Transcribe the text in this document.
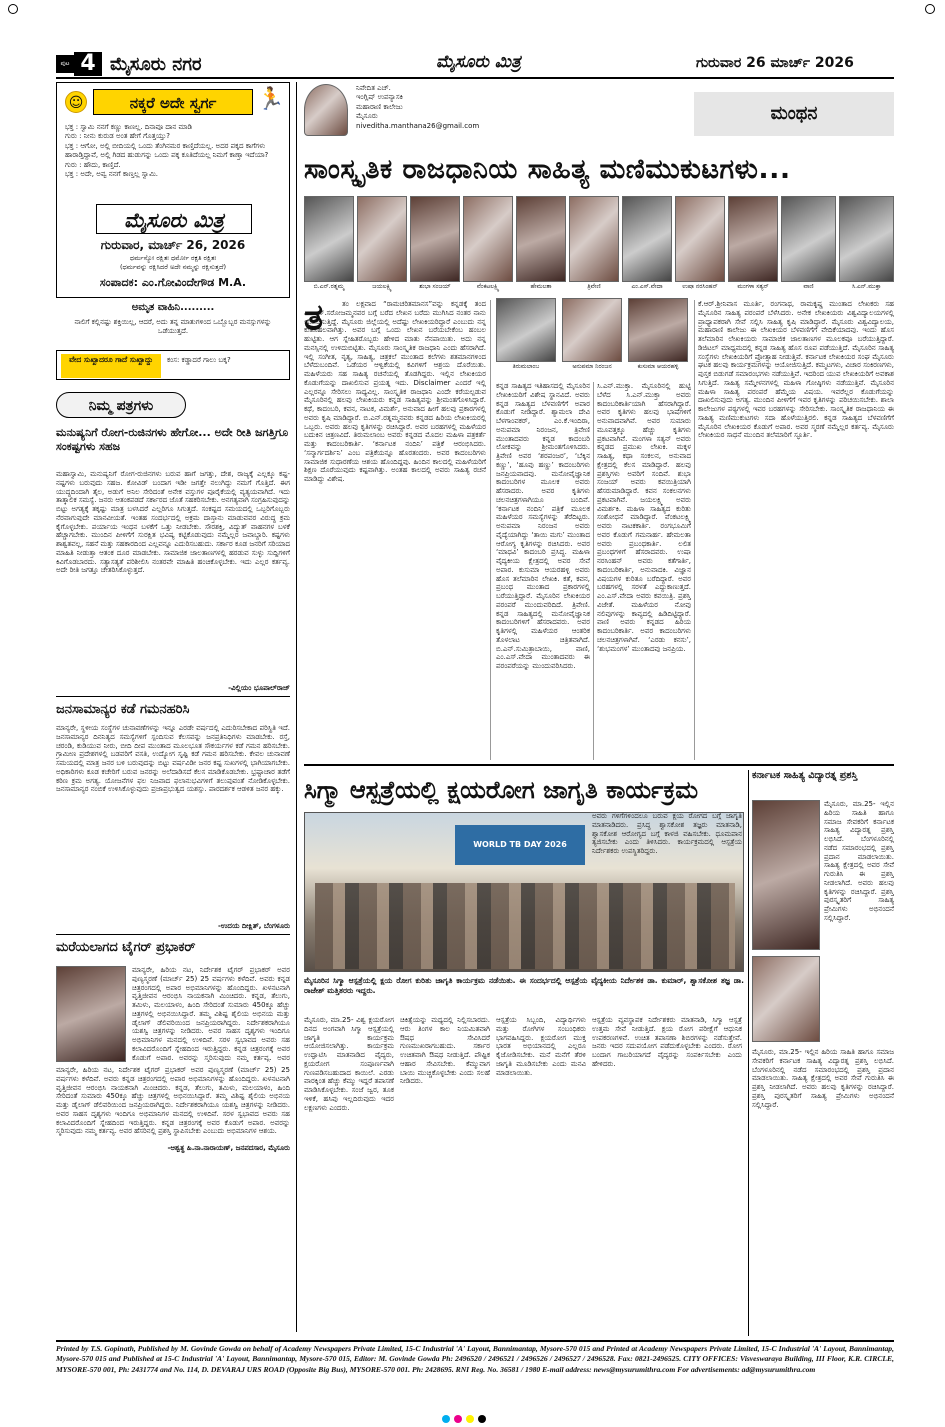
ಪುಟ 4 ಮೈಸೂರು ನಗರ	ಮೈಸೂರು ಮಿತ್ರ	ಗುರುವಾರ 26 ಮಾರ್ಚ್ 2026
☺	ನಕ್ಕರೆ ಅದೇ ಸ್ವರ್ಗ	🏃
ಭಕ್ತ : ಸ್ವಾಮಿ ನನಗೆ ಕಣ್ಣು ಕಾಣಲ್ಲ. ದಿನಾವೂ ದಾನ ಮಾಡಿ
ಗುರು : ನೀನು ಕುರುಡ ಅಂತ ಹೇಗೆ ಗೊತ್ತಯ್ತು?
ಭಕ್ತ : ಆಗೋ, ಅಲ್ಲಿ ಬೀದಿಯಲ್ಲಿ ಒಂದು ತೆಂಗಿನಮರ ಕಾಣ್ತಿದೆಯಲ್ಲ. ಅದರ ಪಕ್ಕದ ಕಾಗೆಗಳು ಹಾರಾಡ್ತಿದ್ದಾವೆ, ಅಲ್ಲಿ ಗಿಡದ ಹುಡುಗನ್ನು ಒಂದು ಪಕ್ಕ ಕೂತಿದೆಯಲ್ಲ ನಿಮಗೆ ಕಾಣ್ತಾ ಇದೆಯಾ?
ಗುರು : ಹೌದು, ಕಾಣ್ತಿದೆ.
ಭಕ್ತ : ಅದೇ, ಅವ್ವ ನನಗೆ ಕಾಣ್ತಲ್ಲ ಸ್ವಾಮಿ.
ಮೈಸೂರು ಮಿತ್ರ
ಗುರುವಾರ, ಮಾರ್ಚ್ 26, 2026
ಧರ್ಮಸ್ಯೋ ರಕ್ಷಿತಃ ಧರ್ಮೋ ರಕ್ಷತಿ ರಕ್ಷಿತಃ
(ಧರ್ಮವನ್ನು ರಕ್ಷಿಸಿದರೆ ಅದೇ ನಮ್ಮನ್ನು ರಕ್ಷಿಸುತ್ತದೆ)
ಸಂಪಾದಕ: ಎಂ.ಗೋವಿಂದೇಗೌಡ M.A.
ಅಮೃತ ವಾಹಿನಿ.........
ನಾಲಿಗೆ ಕಲ್ಲಿನಷ್ಟು ಶಕ್ತಿಯಿಲ್ಲ, ಆದರೆ, ಅದು ತನ್ನ ಮಾತುಗಳಿಂದ ಒಬ್ಬೊಬ್ಬರ ಮನಸ್ಸುಗಳನ್ನು ಒಡೆಯುತ್ತದೆ.
ವೇದ ಸುಖ್ಖಾದರೂ ಗಾದೆ ಸುಖ್ಖಾದ್ದು	ಕಂಸ: ಕಡ್ಡಾದರೆ ಗಾಲು ಬಕ್ಕ?
ನಿಮ್ಮ ಪತ್ರಗಳು
ಮನುಷ್ಯನಿಗೆ ರೋಗ-ರುಜಿನಗಳು ಹೇಗೋ... ಅದೇ ರೀತಿ ಜಗತ್ತಿಗೂ ಸಂಕಷ್ಟಗಳು ಸಹಜ
ಮಹಾಸ್ವಾಮಿ, ಮನುಷ್ಯನಿಗೆ ರೋಗ-ರುಜಿನಗಳು ಬರುವ ಹಾಗೆ ಜಗತ್ತು, ದೇಶ, ರಾಜ್ಯಕ್ಕೆ ಎಲ್ಲಕ್ಕೂ ಕಷ್ಟ-ನಷ್ಟಗಳು ಬರುವುದು ಸಹಜ. ಕೋವಿಡ್ ಬಂದಾಗ ಇಡೀ ಜಗತ್ತೇ ನಲುಗಿದ್ದು ನಮಗೆ ಗೊತ್ತಿದೆ. ಈಗ ಯುದ್ಧದಿಂದಾಗಿ ತೈಲ, ಅಡುಗೆ ಅನಿಲ ಸೇರಿದಂತೆ ಅನೇಕ ವಸ್ತುಗಳ ಪೂರೈಕೆಯಲ್ಲಿ ವ್ಯತ್ಯಯವಾಗಿದೆ. ಇದು ತಾತ್ಕಾಲಿಕ ಸಮಸ್ಯೆ. ಜನರು ಆತಂಕಪಡದೆ ಸರ್ಕಾರದ ಜೊತೆ ಸಹಕರಿಸಬೇಕು. ಅನಗತ್ಯವಾಗಿ ಸಂಗ್ರಹಿಸುವುದನ್ನು ಬಿಟ್ಟು ಅಗತ್ಯಕ್ಕೆ ತಕ್ಕಷ್ಟು ಮಾತ್ರ ಬಳಸಿದರೆ ಎಲ್ಲರಿಗೂ ಸಿಗುತ್ತದೆ. ಸಂಕಷ್ಟದ ಸಮಯದಲ್ಲಿ ಒಬ್ಬರಿಗೊಬ್ಬರು ನೆರವಾಗುವುದೇ ಮಾನವೀಯತೆ. ಇಂತಹ ಸಂದರ್ಭದಲ್ಲಿ ಅಕ್ರಮ ದಾಸ್ತಾನು ಮಾಡುವವರ ವಿರುದ್ಧ ಕ್ರಮ ಕೈಗೊಳ್ಳಬೇಕು. ಪರ್ಯಾಯ ಇಂಧನ ಬಳಕೆಗೆ ಒತ್ತು ನೀಡಬೇಕು. ಸೌರಶಕ್ತಿ, ವಿದ್ಯುತ್ ವಾಹನಗಳ ಬಳಕೆ ಹೆಚ್ಚಾಗಬೇಕು. ಮುಂದಿನ ಪೀಳಿಗೆಗೆ ಸುರಕ್ಷಿತ ಭವಿಷ್ಯ ಕಟ್ಟಿಕೊಡುವುದು ನಮ್ಮೆಲ್ಲರ ಜವಾಬ್ದಾರಿ. ಕಷ್ಟಗಳು ಶಾಶ್ವತವಲ್ಲ, ಸಹನೆ ಮತ್ತು ಸಹಕಾರದಿಂದ ಎಲ್ಲವನ್ನೂ ಎದುರಿಸಬಹುದು. ಸರ್ಕಾರ ಕೂಡ ಜನರಿಗೆ ಸರಿಯಾದ ಮಾಹಿತಿ ನೀಡುತ್ತಾ ಆತಂಕ ದೂರ ಮಾಡಬೇಕು. ಸಾಮಾಜಿಕ ಜಾಲತಾಣಗಳಲ್ಲಿ ಹರಡುವ ಸುಳ್ಳು ಸುದ್ದಿಗಳಿಗೆ ಕಿವಿಗೊಡಬಾರದು. ಸತ್ಯಾಸತ್ಯತೆ ಪರಿಶೀಲಿಸಿ ನಂತರವೇ ಮಾಹಿತಿ ಹಂಚಿಕೊಳ್ಳಬೇಕು. ಇದು ಎಲ್ಲರ ಕರ್ತವ್ಯ. ಅದೇ ರೀತಿ ಜಗತ್ತೂ ಚೇತರಿಸಿಕೊಳ್ಳುತ್ತದೆ.
-ವಿಲ್ಲಿಯಂ ಭೂಪಾಲ್‌ರಾಜ್
ಜನಸಾಮಾನ್ಯರ ಕಡೆ ಗಮನಹರಿಸಿ
ಮಾನ್ಯರೇ, ಸ್ಥಳೀಯ ಸಂಸ್ಥೆಗಳ ಚುನಾವಣೆಗಳನ್ನು ಇನ್ನೂ ಎರಡೇ ವರ್ಷದಲ್ಲಿ ಎದುರಿಸಬೇಕಾದ ಪರಿಸ್ಥಿತಿ ಇದೆ. ಜನಸಾಮಾನ್ಯರ ದಿನನಿತ್ಯದ ಸಮಸ್ಯೆಗಳಿಗೆ ಸ್ಪಂದಿಸುವ ಕೆಲಸವನ್ನು ಜನಪ್ರತಿನಿಧಿಗಳು ಮಾಡಬೇಕು. ರಸ್ತೆ, ಚರಂಡಿ, ಕುಡಿಯುವ ನೀರು, ಬೀದಿ ದೀಪ ಮುಂತಾದ ಮೂಲಭೂತ ಸೌಕರ್ಯಗಳ ಕಡೆ ಗಮನ ಹರಿಸಬೇಕು. ಗ್ರಾಮೀಣ ಪ್ರದೇಶಗಳಲ್ಲಿ ಬಡವರಿಗೆ ವಸತಿ, ಉದ್ಯೋಗ ಸೃಷ್ಟಿ ಕಡೆ ಗಮನ ಹರಿಸಬೇಕು. ಕೇವಲ ಚುನಾವಣೆ ಸಮಯದಲ್ಲಿ ಮಾತ್ರ ಜನರ ಬಳಿ ಬರುವುದನ್ನು ಬಿಟ್ಟು ವರ್ಷವಿಡೀ ಜನರ ಕಷ್ಟ ಸುಖಗಳಲ್ಲಿ ಭಾಗಿಯಾಗಬೇಕು. ಅಧಿಕಾರಿಗಳು ಕೂಡ ಕಚೇರಿಗೆ ಬರುವ ಜನರನ್ನು ಅಲೆದಾಡಿಸದೆ ಕೆಲಸ ಮಾಡಿಕೊಡಬೇಕು. ಭ್ರಷ್ಟಾಚಾರ ತಡೆಗೆ ಕಠಿಣ ಕ್ರಮ ಅಗತ್ಯ. ಯೋಜನೆಗಳ ಫಲ ನಿಜವಾದ ಫಲಾನುಭವಿಗಳಿಗೆ ತಲುಪುವಂತೆ ನೋಡಿಕೊಳ್ಳಬೇಕು. ಜನಸಾಮಾನ್ಯರ ನಂಬಿಕೆ ಉಳಿಸಿಕೊಳ್ಳುವುದು ಪ್ರಜಾಪ್ರಭುತ್ವದ ಯಶಸ್ಸು. ಪಾರದರ್ಶಕ ಆಡಳಿತ ಜನರ ಹಕ್ಕು.
-ಉದಯ ದೀಕ್ಷಿತ್, ಬೆಂಗಳೂರು
ಮರೆಯಲಾಗದ ಟೈಗರ್ ಪ್ರಭಾಕರ್
ಮಾನ್ಯರೇ, ಹಿರಿಯ ನಟ, ನಿರ್ದೇಶಕ ಟೈಗರ್ ಪ್ರಭಾಕರ್ ಅವರ ಪುಣ್ಯಸ್ಮರಣೆ (ಮಾರ್ಚ್ 25) 25 ವರ್ಷಗಳು ಕಳೆದಿವೆ. ಅವರು ಕನ್ನಡ ಚಿತ್ರರಂಗದಲ್ಲಿ ಅಪಾರ ಅಭಿಮಾನಿಗಳನ್ನು ಹೊಂದಿದ್ದರು. ಖಳನಟನಾಗಿ ವೃತ್ತಿಜೀವನ ಆರಂಭಿಸಿ ನಾಯಕನಾಗಿ ಮಿಂಚಿದರು. ಕನ್ನಡ, ತೆಲುಗು, ತಮಿಳು, ಮಲಯಾಳಂ, ಹಿಂದಿ ಸೇರಿದಂತೆ ಸುಮಾರು 450ಕ್ಕೂ ಹೆಚ್ಚು ಚಿತ್ರಗಳಲ್ಲಿ ಅಭಿನಯಿಸಿದ್ದಾರೆ. ತಮ್ಮ ವಿಶಿಷ್ಟ ಶೈಲಿಯ ಅಭಿನಯ ಮತ್ತು ಡೈಲಾಗ್ ಡೆಲಿವರಿಯಿಂದ ಜನಪ್ರಿಯರಾಗಿದ್ದರು. ನಿರ್ದೇಶಕರಾಗಿಯೂ ಯಶಸ್ವಿ ಚಿತ್ರಗಳನ್ನು ನೀಡಿದರು. ಅವರ ಸಾಹಸ ದೃಶ್ಯಗಳು ಇಂದಿಗೂ ಅಭಿಮಾನಿಗಳ ಮನದಲ್ಲಿ ಉಳಿದಿವೆ. ಸರಳ ಸ್ವಭಾವದ ಅವರು ಸಹ ಕಲಾವಿದರೊಂದಿಗೆ ಸ್ನೇಹದಿಂದ ಇರುತ್ತಿದ್ದರು. ಕನ್ನಡ ಚಿತ್ರರಂಗಕ್ಕೆ ಅವರ ಕೊಡುಗೆ ಅಪಾರ. ಅವರನ್ನು ಸ್ಮರಿಸುವುದು ನಮ್ಮ ಕರ್ತವ್ಯ. ಅವರ
ಮಾನ್ಯರೇ, ಹಿರಿಯ ನಟ, ನಿರ್ದೇಶಕ ಟೈಗರ್ ಪ್ರಭಾಕರ್ ಅವರ ಪುಣ್ಯಸ್ಮರಣೆ (ಮಾರ್ಚ್ 25) 25 ವರ್ಷಗಳು ಕಳೆದಿವೆ. ಅವರು ಕನ್ನಡ ಚಿತ್ರರಂಗದಲ್ಲಿ ಅಪಾರ ಅಭಿಮಾನಿಗಳನ್ನು ಹೊಂದಿದ್ದರು. ಖಳನಟನಾಗಿ ವೃತ್ತಿಜೀವನ ಆರಂಭಿಸಿ ನಾಯಕನಾಗಿ ಮಿಂಚಿದರು. ಕನ್ನಡ, ತೆಲುಗು, ತಮಿಳು, ಮಲಯಾಳಂ, ಹಿಂದಿ ಸೇರಿದಂತೆ ಸುಮಾರು 450ಕ್ಕೂ ಹೆಚ್ಚು ಚಿತ್ರಗಳಲ್ಲಿ ಅಭಿನಯಿಸಿದ್ದಾರೆ. ತಮ್ಮ ವಿಶಿಷ್ಟ ಶೈಲಿಯ ಅಭಿನಯ ಮತ್ತು ಡೈಲಾಗ್ ಡೆಲಿವರಿಯಿಂದ ಜನಪ್ರಿಯರಾಗಿದ್ದರು. ನಿರ್ದೇಶಕರಾಗಿಯೂ ಯಶಸ್ವಿ ಚಿತ್ರಗಳನ್ನು ನೀಡಿದರು. ಅವರ ಸಾಹಸ ದೃಶ್ಯಗಳು ಇಂದಿಗೂ ಅಭಿಮಾನಿಗಳ ಮನದಲ್ಲಿ ಉಳಿದಿವೆ. ಸರಳ ಸ್ವಭಾವದ ಅವರು ಸಹ ಕಲಾವಿದರೊಂದಿಗೆ ಸ್ನೇಹದಿಂದ ಇರುತ್ತಿದ್ದರು. ಕನ್ನಡ ಚಿತ್ರರಂಗಕ್ಕೆ ಅವರ ಕೊಡುಗೆ ಅಪಾರ. ಅವರನ್ನು ಸ್ಮರಿಸುವುದು ನಮ್ಮ ಕರ್ತವ್ಯ. ಅವರ ಹೆಸರಿನಲ್ಲಿ ಪ್ರಶಸ್ತಿ ಸ್ಥಾಪಿಸಬೇಕು ಎಂಬುದು ಅಭಿಮಾನಿಗಳ ಆಶಯ.
-ಆಶ್ವತ್ಥ ಹಿ.ನಾ.ನಾರಾಯಣ್, ಜನಪದಸಾರ, ಮೈಸೂರು
ನಿವೇದಿತ ಎಚ್.
ಇಂಗ್ಲಿಷ್ ಉಪನ್ಯಾಸಕಿ
ಮಹಾರಾಣಿ ಕಾಲೇಜು
ಮೈಸೂರು
niveditha.manthana26@gmail.com
ಮಂಥನ
ಸಾಂಸ್ಕೃತಿಕ ರಾಜಧಾನಿಯ ಸಾಹಿತ್ಯ ಮಣಿಮುಕುಟಗಳು...
ಬಿ.ಎನ್.ರತ್ನಮ್ಮ	ಜಯಲಕ್ಷ್ಮಿ	ಶುಭಾ ಸಂಜಯ್	ವೆಂಕಟಲಕ್ಷ್ಮಿ	ಹೇಮಲತಾ	ತ್ರಿವೇಣಿ	ಎಂ.ಎಸ್.ವೇದಾ	ಉಷಾ ನರಸಿಂಹನ್	ಮಂಗಳಾ ಸತ್ಯನ್	ವಾಣಿ	ಸಿ.ಎನ್.ಮುಕ್ತಾ
ತ	ತಂ ಲಕ್ಷವಾದ “ರಾಮಚರಿತಮಾನಸ”ವನ್ನು ಕನ್ನಡಕ್ಕೆ ತಂದ ಎಂ.ಎಸ್.ಸರೋಜಮ್ಮನವರ ಬಗ್ಗೆ ಬರೆದ ಲೇಖನ ಬರೆದು ಮುಗಿಸಿದ ನಂತರ ನಾನು ಯೋಚಿಸುತ್ತಿದ್ದೆ. ಮೈಸೂರು ಜಿಲ್ಲೆಯಲ್ಲಿ ಅದೆಷ್ಟು ಲೇಖಕಿಯರಿದ್ದಾರೆ ಎಂಬುದು ನನ್ನ ಕುತೂಹಲವಾಗಿತ್ತು. ಅವರ ಬಗ್ಗೆ ಒಂದು ಲೇಖನ ಬರೆಯಬೇಕೆಂಬ ಹಂಬಲ ಹುಟ್ಟಿತು. ಆಗ ಸ್ನೇಹಿತರೊಬ್ಬರು ಹೇಳಿದ ಮಾತು ನೆನಪಾಯಿತು. ಅದು ನನ್ನ ಮನಸ್ಸಿನಲ್ಲಿ ಉಳಿದುಬಿಟ್ಟಿತು. ಮೈಸೂರು ಸಾಂಸ್ಕೃತಿಕ ರಾಜಧಾನಿ ಎಂದು ಹೆಸರಾಗಿದೆ. ಇಲ್ಲಿ ಸಂಗೀತ, ನೃತ್ಯ, ಸಾಹಿತ್ಯ, ಚಿತ್ರಕಲೆ ಮುಂತಾದ ಕಲೆಗಳು ಶತಮಾನಗಳಿಂದ ಬೆಳೆದುಬಂದಿವೆ. ಒಡೆಯರ ಆಳ್ವಿಕೆಯಲ್ಲಿ ಕವಿಗಳಿಗೆ ಆಶ್ರಯ ದೊರೆಯಿತು. ಮಹಿಳೆಯರು ಸಹ ಸಾಹಿತ್ಯ ರಚನೆಯಲ್ಲಿ ತೊಡಗಿದ್ದರು. ಇಲ್ಲಿನ ಲೇಖಕಿಯರ ಕೊಡುಗೆಯನ್ನು ದಾಖಲಿಸುವ ಪ್ರಯತ್ನ ಇದು. Disclaimer ಎಂದರೆ ಇಲ್ಲಿ ಎಲ್ಲರನ್ನೂ ಸೇರಿಸಲು ಸಾಧ್ಯವಿಲ್ಲ. ಸಾಂಸ್ಕೃತಿಕ ರಾಜಧಾನಿ ಎಂದೇ ಕರೆಯಲ್ಪಡುವ ಮೈಸೂರಿನಲ್ಲಿ ಹಲವು ಲೇಖಕಿಯರು ಕನ್ನಡ ಸಾಹಿತ್ಯವನ್ನು ಶ್ರೀಮಂತಗೊಳಿಸಿದ್ದಾರೆ. ಕಥೆ, ಕಾದಂಬರಿ, ಕವನ, ನಾಟಕ, ವಿಮರ್ಶೆ, ಅನುವಾದ ಹೀಗೆ ಹಲವು ಪ್ರಕಾರಗಳಲ್ಲಿ ಅವರು ಕೃಷಿ ಮಾಡಿದ್ದಾರೆ. ಬಿ.ಎನ್.ರತ್ನಮ್ಮನವರು ಕನ್ನಡದ ಹಿರಿಯ ಲೇಖಕಿಯರಲ್ಲಿ ಒಬ್ಬರು. ಅವರು ಹಲವು ಕೃತಿಗಳನ್ನು ರಚಿಸಿದ್ದಾರೆ. ಅವರ ಬರಹಗಳಲ್ಲಿ ಮಹಿಳೆಯರ ಬದುಕಿನ ಚಿತ್ರಣವಿದೆ. ತಿರುಮಲಾಂಬ ಅವರು ಕನ್ನಡದ ಮೊದಲ ಮಹಿಳಾ ಪತ್ರಕರ್ತೆ ಮತ್ತು ಕಾದಂಬರಿಕಾರ್ತಿ. ‘ಕರ್ನಾಟಕ ನಂದಿನಿ’ ಪತ್ರಿಕೆ ಆರಂಭಿಸಿದರು. ‘ಸನ್ಮಾರ್ಗದರ್ಶಿನಿ’ ಎಂಬ ಪತ್ರಿಕೆಯನ್ನೂ ಹೊರತಂದರು. ಅವರ ಕಾದಂಬರಿಗಳು ಸಾಮಾಜಿಕ ಸುಧಾರಣೆಯ ಆಶಯ ಹೊಂದಿದ್ದವು. ಹಿಂದಿನ ಕಾಲದಲ್ಲಿ ಮಹಿಳೆಯರಿಗೆ ಶಿಕ್ಷಣ ದೊರೆಯುವುದು ಕಷ್ಟವಾಗಿತ್ತು. ಅಂತಹ ಕಾಲದಲ್ಲಿ ಅವರು ಸಾಹಿತ್ಯ ರಚನೆ ಮಾಡಿದ್ದು ವಿಶೇಷ.
ತಿರುಮಲಾಂಬ	ಅನುಪಮಾ ನಿರಂಜನ	ಕುಸುಮಾ ಆಯರಹಳ್ಳಿ
ಕನ್ನಡ ಸಾಹಿತ್ಯದ ಇತಿಹಾಸದಲ್ಲಿ ಮೈಸೂರಿನ ಲೇಖಕಿಯರಿಗೆ ವಿಶೇಷ ಸ್ಥಾನವಿದೆ. ಅವರು ಕನ್ನಡ ಸಾಹಿತ್ಯದ ಬೆಳವಣಿಗೆಗೆ ಅಪಾರ ಕೊಡುಗೆ ನೀಡಿದ್ದಾರೆ. ಶ್ಯಾಮಲಾ ದೇವಿ ಬೆಳಗಾಂವಕರ್, ಎಂ.ಕೆ.ಇಂದಿರಾ, ಅನುಪಮಾ ನಿರಂಜನ, ತ್ರಿವೇಣಿ ಮುಂತಾದವರು ಕನ್ನಡ ಕಾದಂಬರಿ ಲೋಕವನ್ನು ಶ್ರೀಮಂತಗೊಳಿಸಿದರು. ತ್ರಿವೇಣಿ ಅವರ ‘ಶರಪಂಜರ’, ‘ಬೆಕ್ಕಿನ ಕಣ್ಣು’, ‘ಹೂವು ಹಣ್ಣು’ ಕಾದಂಬರಿಗಳು ಜನಪ್ರಿಯವಾದವು. ಮನೋವೈಜ್ಞಾನಿಕ ಕಾದಂಬರಿಗಳ ಮೂಲಕ ಅವರು ಹೆಸರಾದರು. ಅವರ ಕೃತಿಗಳು ಚಲನಚಿತ್ರಗಳಾಗಿಯೂ ಬಂದಿವೆ. ‘ಕರ್ನಾಟಕ ನಂದಿನಿ’ ಪತ್ರಿಕೆ ಮೂಲಕ ಮಹಿಳೆಯರ ಸಮಸ್ಯೆಗಳನ್ನು ತೆರೆದಿಟ್ಟರು. ಅನುಪಮಾ ನಿರಂಜನ ಅವರು ವೈದ್ಯೆಯಾಗಿದ್ದು ‘ತಾಯಿ ಮಗು’ ಮುಂತಾದ ಆರೋಗ್ಯ ಕೃತಿಗಳನ್ನು ರಚಿಸಿದರು. ಅವರ ‘ಮಾಧವಿ’ ಕಾದಂಬರಿ ಪ್ರಸಿದ್ಧ. ಮಹಿಳಾ ವೈದ್ಯಕೀಯ ಕ್ಷೇತ್ರದಲ್ಲಿ ಅವರ ಸೇವೆ ಅಪಾರ. ಕುಸುಮಾ ಆಯರಹಳ್ಳಿ ಅವರು ಹೊಸ ತಲೆಮಾರಿನ ಲೇಖಕಿ. ಕತೆ, ಕವನ, ಪ್ರಬಂಧ ಮುಂತಾದ ಪ್ರಕಾರಗಳಲ್ಲಿ ಬರೆಯುತ್ತಿದ್ದಾರೆ. ಮೈಸೂರಿನ ಲೇಖಕಿಯರ ಪರಂಪರೆ ಮುಂದುವರಿದಿದೆ. ತ್ರಿವೇಣಿ. ಕನ್ನಡ ಸಾಹಿತ್ಯದಲ್ಲಿ ಮನೋವೈಜ್ಞಾನಿಕ ಕಾದಂಬರಿಗಳಿಗೆ ಹೆಸರಾದವರು. ಅವರ ಕೃತಿಗಳಲ್ಲಿ ಮಹಿಳೆಯರ ಆಂತರಿಕ ತೊಳಲಾಟ ಚಿತ್ರಿತವಾಗಿದೆ. ಬಿ.ಎನ್.ಸುಮಿತ್ರಾಬಾಯಿ, ವಾಣಿ, ಎಂ.ಎಸ್.ವೇದಾ ಮುಂತಾದವರು ಈ ಪರಂಪರೆಯನ್ನು ಮುಂದುವರಿಸಿದರು.
ಸಿ.ಎನ್.ಮುಕ್ತಾ. ಮೈಸೂರಿನಲ್ಲಿ ಹುಟ್ಟಿ ಬೆಳೆದ ಸಿ.ಎನ್.ಮುಕ್ತಾ ಅವರು ಕಾದಂಬರಿಕಾರ್ತಿಯಾಗಿ ಹೆಸರಾಗಿದ್ದಾರೆ. ಅವರ ಕೃತಿಗಳು ಹಲವು ಭಾಷೆಗಳಿಗೆ ಅನುವಾದವಾಗಿವೆ. ಅವರ ಸುಮಾರು ಮೂವತ್ತಕ್ಕೂ ಹೆಚ್ಚು ಕೃತಿಗಳು ಪ್ರಕಟವಾಗಿವೆ. ಮಂಗಳಾ ಸತ್ಯನ್ ಅವರು ಕನ್ನಡದ ಪ್ರಮುಖ ಲೇಖಕಿ. ಮಕ್ಕಳ ಸಾಹಿತ್ಯ, ಕಥಾ ಸಂಕಲನ, ಅನುವಾದ ಕ್ಷೇತ್ರದಲ್ಲಿ ಕೆಲಸ ಮಾಡಿದ್ದಾರೆ. ಹಲವು ಪ್ರಶಸ್ತಿಗಳು ಅವರಿಗೆ ಸಂದಿವೆ. ಶುಭಾ ಸಂಜಯ್ ಅವರು ಕವಯಿತ್ರಿಯಾಗಿ ಹೆಸರುಮಾಡಿದ್ದಾರೆ. ಕವನ ಸಂಕಲನಗಳು ಪ್ರಕಟವಾಗಿವೆ. ಜಯಲಕ್ಷ್ಮಿ ಅವರು ವಿಮರ್ಶಕಿ. ಮಹಿಳಾ ಸಾಹಿತ್ಯದ ಕುರಿತು ಸಂಶೋಧನೆ ಮಾಡಿದ್ದಾರೆ. ವೆಂಕಟಲಕ್ಷ್ಮಿ ಅವರು ನಾಟಕಕಾರ್ತಿ. ರಂಗಭೂಮಿಗೆ ಅವರ ಕೊಡುಗೆ ಗಮನಾರ್ಹ. ಹೇಮಲತಾ ಅವರು ಪ್ರಬಂಧಕಾರ್ತಿ. ಲಲಿತ ಪ್ರಬಂಧಗಳಿಗೆ ಹೆಸರಾದವರು. ಉಷಾ ನರಸಿಂಹನ್ ಅವರು ಕತೆಗಾರ್ತಿ, ಕಾದಂಬರಿಕಾರ್ತಿ, ಅನುವಾದಕಿ. ವಿಜ್ಞಾನ ವಿಷಯಗಳ ಕುರಿತೂ ಬರೆದಿದ್ದಾರೆ. ಅವರ ಬರಹಗಳಲ್ಲಿ ಸರಳತೆ ಎದ್ದುಕಾಣುತ್ತದೆ. ಎಂ.ಎಸ್.ವೇದಾ ಅವರು ಕವಯಿತ್ರಿ. ಪ್ರಶಸ್ತಿ ವಿಜೇತೆ. ಮಹಿಳೆಯರ ನೋವು ನಲಿವುಗಳನ್ನು ಕಾವ್ಯದಲ್ಲಿ ಹಿಡಿದಿಟ್ಟಿದ್ದಾರೆ. ವಾಣಿ ಅವರು ಕನ್ನಡದ ಹಿರಿಯ ಕಾದಂಬರಿಕಾರ್ತಿ. ಅವರ ಕಾದಂಬರಿಗಳು ಚಲನಚಿತ್ರಗಳಾಗಿವೆ. ‘ಎರಡು ಕನಸು’, ‘ಶುಭಮಂಗಳ’ ಮುಂತಾದವು ಜನಪ್ರಿಯ.
ಕೆ.ಆರ್.ಶ್ರೀನಿವಾಸ ಮೂರ್ತಿ, ರಂಗನಾಥ, ರಾಮಕೃಷ್ಣ ಮುಂತಾದ ಲೇಖಕರು ಸಹ ಮೈಸೂರಿನ ಸಾಹಿತ್ಯ ಪರಂಪರೆ ಬೆಳೆಸಿದರು. ಅನೇಕ ಲೇಖಕಿಯರು ವಿಶ್ವವಿದ್ಯಾಲಯಗಳಲ್ಲಿ ಪ್ರಾಧ್ಯಾಪಕರಾಗಿ ಸೇವೆ ಸಲ್ಲಿಸಿ ಸಾಹಿತ್ಯ ಕೃಷಿ ಮಾಡಿದ್ದಾರೆ. ಮೈಸೂರು ವಿಶ್ವವಿದ್ಯಾಲಯ, ಮಹಾರಾಣಿ ಕಾಲೇಜು ಈ ಲೇಖಕಿಯರ ಬೆಳವಣಿಗೆಗೆ ವೇದಿಕೆಯಾದವು. ಇಂದು ಹೊಸ ತಲೆಮಾರಿನ ಲೇಖಕಿಯರು ಸಾಮಾಜಿಕ ಜಾಲತಾಣಗಳ ಮೂಲಕವೂ ಬರೆಯುತ್ತಿದ್ದಾರೆ. ಡಿಜಿಟಲ್ ಮಾಧ್ಯಮದಲ್ಲಿ ಕನ್ನಡ ಸಾಹಿತ್ಯ ಹೊಸ ರೂಪ ಪಡೆಯುತ್ತಿದೆ. ಮೈಸೂರಿನ ಸಾಹಿತ್ಯ ಸಂಸ್ಥೆಗಳು ಲೇಖಕಿಯರಿಗೆ ಪ್ರೋತ್ಸಾಹ ನೀಡುತ್ತಿವೆ. ಕರ್ನಾಟಕ ಲೇಖಕಿಯರ ಸಂಘ ಮೈಸೂರು ಘಟಕ ಹಲವು ಕಾರ್ಯಕ್ರಮಗಳನ್ನು ಆಯೋಜಿಸುತ್ತಿದೆ. ಕಮ್ಮಟಗಳು, ವಿಚಾರ ಸಂಕಿರಣಗಳು, ಪುಸ್ತಕ ಬಿಡುಗಡೆ ಸಮಾರಂಭಗಳು ನಡೆಯುತ್ತಿವೆ. ಇದರಿಂದ ಯುವ ಲೇಖಕಿಯರಿಗೆ ಅವಕಾಶ ಸಿಗುತ್ತಿದೆ. ಸಾಹಿತ್ಯ ಸಮ್ಮೇಳನಗಳಲ್ಲಿ ಮಹಿಳಾ ಗೋಷ್ಠಿಗಳು ನಡೆಯುತ್ತಿವೆ. ಮೈಸೂರಿನ ಮಹಿಳಾ ಸಾಹಿತ್ಯ ಪರಂಪರೆ ಹೆಮ್ಮೆಯ ವಿಷಯ. ಇವರೆಲ್ಲರ ಕೊಡುಗೆಯನ್ನು ದಾಖಲಿಸುವುದು ಅಗತ್ಯ. ಮುಂದಿನ ಪೀಳಿಗೆಗೆ ಇವರ ಕೃತಿಗಳನ್ನು ಪರಿಚಯಿಸಬೇಕು. ಶಾಲಾ ಕಾಲೇಜುಗಳ ಪಠ್ಯಗಳಲ್ಲಿ ಇವರ ಬರಹಗಳನ್ನು ಸೇರಿಸಬೇಕು. ಸಾಂಸ್ಕೃತಿಕ ರಾಜಧಾನಿಯ ಈ ಸಾಹಿತ್ಯ ಮಣಿಮುಕುಟಗಳು ಸದಾ ಹೊಳೆಯುತ್ತಿರಲಿ. ಕನ್ನಡ ಸಾಹಿತ್ಯದ ಬೆಳವಣಿಗೆಗೆ ಮೈಸೂರಿನ ಲೇಖಕಿಯರ ಕೊಡುಗೆ ಅಪಾರ. ಅವರ ಸ್ಮರಣೆ ನಮ್ಮೆಲ್ಲರ ಕರ್ತವ್ಯ. ಮೈಸೂರು ಲೇಖಕಿಯರ ಸಾಧನೆ ಮುಂದಿನ ತಲೆಮಾರಿಗೆ ಸ್ಫೂರ್ತಿ.
ಸಿಗ್ಮಾ ಆಸ್ಪತ್ರೆಯಲ್ಲಿ ಕ್ಷಯರೋಗ ಜಾಗೃತಿ ಕಾರ್ಯಕ್ರಮ
WORLD TB DAY 2026
ಮೈಸೂರಿನ ಸಿಗ್ಮಾ ಆಸ್ಪತ್ರೆಯಲ್ಲಿ ಕ್ಷಯ ರೋಗ ಕುರಿತು ಜಾಗೃತಿ ಕಾರ್ಯಕ್ರಮ ನಡೆಯಿತು. ಈ ಸಂದರ್ಭದಲ್ಲಿ ಆಸ್ಪತ್ರೆಯ ವೈದ್ಯಕೀಯ ನಿರ್ದೇಶಕ ಡಾ. ಕುಮಾರ್, ಶ್ವಾಸಕೋಶ ತಜ್ಞ ಡಾ. ರಾಜೇಶ್ ಮತ್ತಿತರರು ಇದ್ದರು.
ಮೈಸೂರು, ಮಾ.25- ವಿಶ್ವ ಕ್ಷಯರೋಗ ದಿನದ ಅಂಗವಾಗಿ ಸಿಗ್ಮಾ ಆಸ್ಪತ್ರೆಯಲ್ಲಿ ಜಾಗೃತಿ ಕಾರ್ಯಕ್ರಮ ಆಯೋಜಿಸಲಾಗಿತ್ತು. ಕಾರ್ಯಕ್ರಮ ಉದ್ಘಾಟಿಸಿ ಮಾತನಾಡಿದ ವೈದ್ಯರು, ಕ್ಷಯರೋಗ ಸಂಪೂರ್ಣವಾಗಿ ಗುಣಪಡಿಸಬಹುದಾದ ಕಾಯಿಲೆ. ಎರಡು ವಾರಕ್ಕಿಂತ ಹೆಚ್ಚು ಕೆಮ್ಮು ಇದ್ದರೆ ತಪಾಸಣೆ ಮಾಡಿಸಿಕೊಳ್ಳಬೇಕು. ಸಂಜೆ ಜ್ವರ, ತೂಕ ಇಳಿಕೆ, ಹಸಿವು ಇಲ್ಲದಿರುವುದು ಇದರ ಲಕ್ಷಣಗಳು ಎಂದರು.
ಚಿಕಿತ್ಸೆಯನ್ನು ಮಧ್ಯದಲ್ಲಿ ನಿಲ್ಲಿಸಬಾರದು. ಆರು ತಿಂಗಳ ಕಾಲ ನಿಯಮಿತವಾಗಿ ಔಷಧ ಸೇವಿಸಿದರೆ ಗುಣಮುಖರಾಗಬಹುದು. ಸರ್ಕಾರ ಉಚಿತವಾಗಿ ಔಷಧ ನೀಡುತ್ತಿದೆ. ಪೌಷ್ಟಿಕ ಆಹಾರ ಸೇವಿಸಬೇಕು. ಕೆಮ್ಮುವಾಗ ಬಾಯಿ ಮುಚ್ಚಿಕೊಳ್ಳಬೇಕು ಎಂದು ಸಲಹೆ ನೀಡಿದರು.
ಆಸ್ಪತ್ರೆಯ ಸಿಬ್ಬಂದಿ, ವಿದ್ಯಾರ್ಥಿಗಳು ಮತ್ತು ರೋಗಿಗಳ ಸಂಬಂಧಿಕರು ಭಾಗವಹಿಸಿದ್ದರು. ಕ್ಷಯರೋಗ ಮುಕ್ತ ಭಾರತ ಅಭಿಯಾನದಲ್ಲಿ ಎಲ್ಲರೂ ಕೈಜೋಡಿಸಬೇಕು. ಮನೆ ಮನೆಗೆ ತೆರಳಿ ಜಾಗೃತಿ ಮೂಡಿಸಬೇಕು ಎಂದು ಮನವಿ ಮಾಡಲಾಯಿತು.
ಅವರು ಗಳಿಗೆಗಳಿಂದಲೂ ಬರುವ ಕ್ಷಯ ರೋಗದ ಬಗ್ಗೆ ಜಾಗೃತಿ ಮಾತನಾಡಿದರು. ಪ್ರಸಿದ್ಧ ಶ್ವಾಸಕೋಶ ತಜ್ಞರು ಮಾತನಾಡಿ, ಶ್ವಾಸಕೋಶ ಆರೋಗ್ಯದ ಬಗ್ಗೆ ಕಾಳಜಿ ವಹಿಸಬೇಕು. ಧೂಮಪಾನ ತ್ಯಜಿಸಬೇಕು ಎಂದು ತಿಳಿಸಿದರು. ಕಾರ್ಯಕ್ರಮದಲ್ಲಿ ಆಸ್ಪತ್ರೆಯ ನಿರ್ದೇಶಕರು ಉಪಸ್ಥಿತರಿದ್ದರು.
ಆಸ್ಪತ್ರೆಯ ವ್ಯವಸ್ಥಾಪಕ ನಿರ್ದೇಶಕರು ಮಾತನಾಡಿ, ಸಿಗ್ಮಾ ಆಸ್ಪತ್ರೆ ಉತ್ತಮ ಸೇವೆ ನೀಡುತ್ತಿದೆ. ಕ್ಷಯ ರೋಗ ಪರೀಕ್ಷೆಗೆ ಆಧುನಿಕ ಉಪಕರಣಗಳಿವೆ. ಉಚಿತ ತಪಾಸಣಾ ಶಿಬಿರಗಳನ್ನು ನಡೆಸುತ್ತೇವೆ. ಜನರು ಇದರ ಸದುಪಯೋಗ ಪಡೆದುಕೊಳ್ಳಬೇಕು ಎಂದರು. ರೋಗ ಬಂದಾಗ ಗಾಬರಿಯಾಗದೆ ವೈದ್ಯರನ್ನು ಸಂಪರ್ಕಿಸಬೇಕು ಎಂದು ಹೇಳಿದರು.
ಕರ್ನಾಟಕ ಸಾಹಿತ್ಯ ವಿದ್ಯಾರತ್ನ ಪ್ರಶಸ್ತಿ
ಮೈಸೂರು, ಮಾ.25- ಇಲ್ಲಿನ ಹಿರಿಯ ಸಾಹಿತಿ ಹಾಗೂ ಸಮಾಜ ಸೇವಕರಿಗೆ ಕರ್ನಾಟಕ ಸಾಹಿತ್ಯ ವಿದ್ಯಾರತ್ನ ಪ್ರಶಸ್ತಿ ಲಭಿಸಿದೆ. ಬೆಂಗಳೂರಿನಲ್ಲಿ ನಡೆದ ಸಮಾರಂಭದಲ್ಲಿ ಪ್ರಶಸ್ತಿ ಪ್ರದಾನ ಮಾಡಲಾಯಿತು. ಸಾಹಿತ್ಯ ಕ್ಷೇತ್ರದಲ್ಲಿ ಅವರ ಸೇವೆ ಗುರುತಿಸಿ ಈ ಪ್ರಶಸ್ತಿ ನೀಡಲಾಗಿದೆ. ಅವರು ಹಲವು ಕೃತಿಗಳನ್ನು ರಚಿಸಿದ್ದಾರೆ. ಪ್ರಶಸ್ತಿ ಪುರಸ್ಕೃತರಿಗೆ ಸಾಹಿತ್ಯ ಪ್ರೇಮಿಗಳು ಅಭಿನಂದನೆ ಸಲ್ಲಿಸಿದ್ದಾರೆ.
ಮೈಸೂರು, ಮಾ.25- ಇಲ್ಲಿನ ಹಿರಿಯ ಸಾಹಿತಿ ಹಾಗೂ ಸಮಾಜ ಸೇವಕರಿಗೆ ಕರ್ನಾಟಕ ಸಾಹಿತ್ಯ ವಿದ್ಯಾರತ್ನ ಪ್ರಶಸ್ತಿ ಲಭಿಸಿದೆ. ಬೆಂಗಳೂರಿನಲ್ಲಿ ನಡೆದ ಸಮಾರಂಭದಲ್ಲಿ ಪ್ರಶಸ್ತಿ ಪ್ರದಾನ ಮಾಡಲಾಯಿತು. ಸಾಹಿತ್ಯ ಕ್ಷೇತ್ರದಲ್ಲಿ ಅವರ ಸೇವೆ ಗುರುತಿಸಿ ಈ ಪ್ರಶಸ್ತಿ ನೀಡಲಾಗಿದೆ. ಅವರು ಹಲವು ಕೃತಿಗಳನ್ನು ರಚಿಸಿದ್ದಾರೆ. ಪ್ರಶಸ್ತಿ ಪುರಸ್ಕೃತರಿಗೆ ಸಾಹಿತ್ಯ ಪ್ರೇಮಿಗಳು ಅಭಿನಂದನೆ ಸಲ್ಲಿಸಿದ್ದಾರೆ.
Printed by T.S. Gopinath, Published by M. Govinde Gowda on behalf of Academy Newspapers Private Limited, 15-C Industrial 'A' Layout, Bannimantap, Mysore-570 015 and Printed at Academy Newspapers Private Limited, 15-C Industrial 'A' Layout, Bannimantap, Mysore-570 015 and Published at 15-C Industrial 'A' Layout, Bannimantap, Mysore-570 015, Editor: M. Govinde Gowda Ph: 2496520 / 2496521 / 2496526 / 2496527 / 2496528. Fax: 0821-2496525. CITY OFFICES: Visveswaraya Building, III Floor, K.R. CIRCLE, MYSORE-570 001, Ph: 2431774 and No. 114, D. DEVARAJ URS ROAD (Opposite Big Bus), MYSORE-570 001. Ph: 2428695. RNI Reg. No. 36581 / 1980 E-mail address: news@mysurumithra.com For advertisements: ad@mysurumithra.com
